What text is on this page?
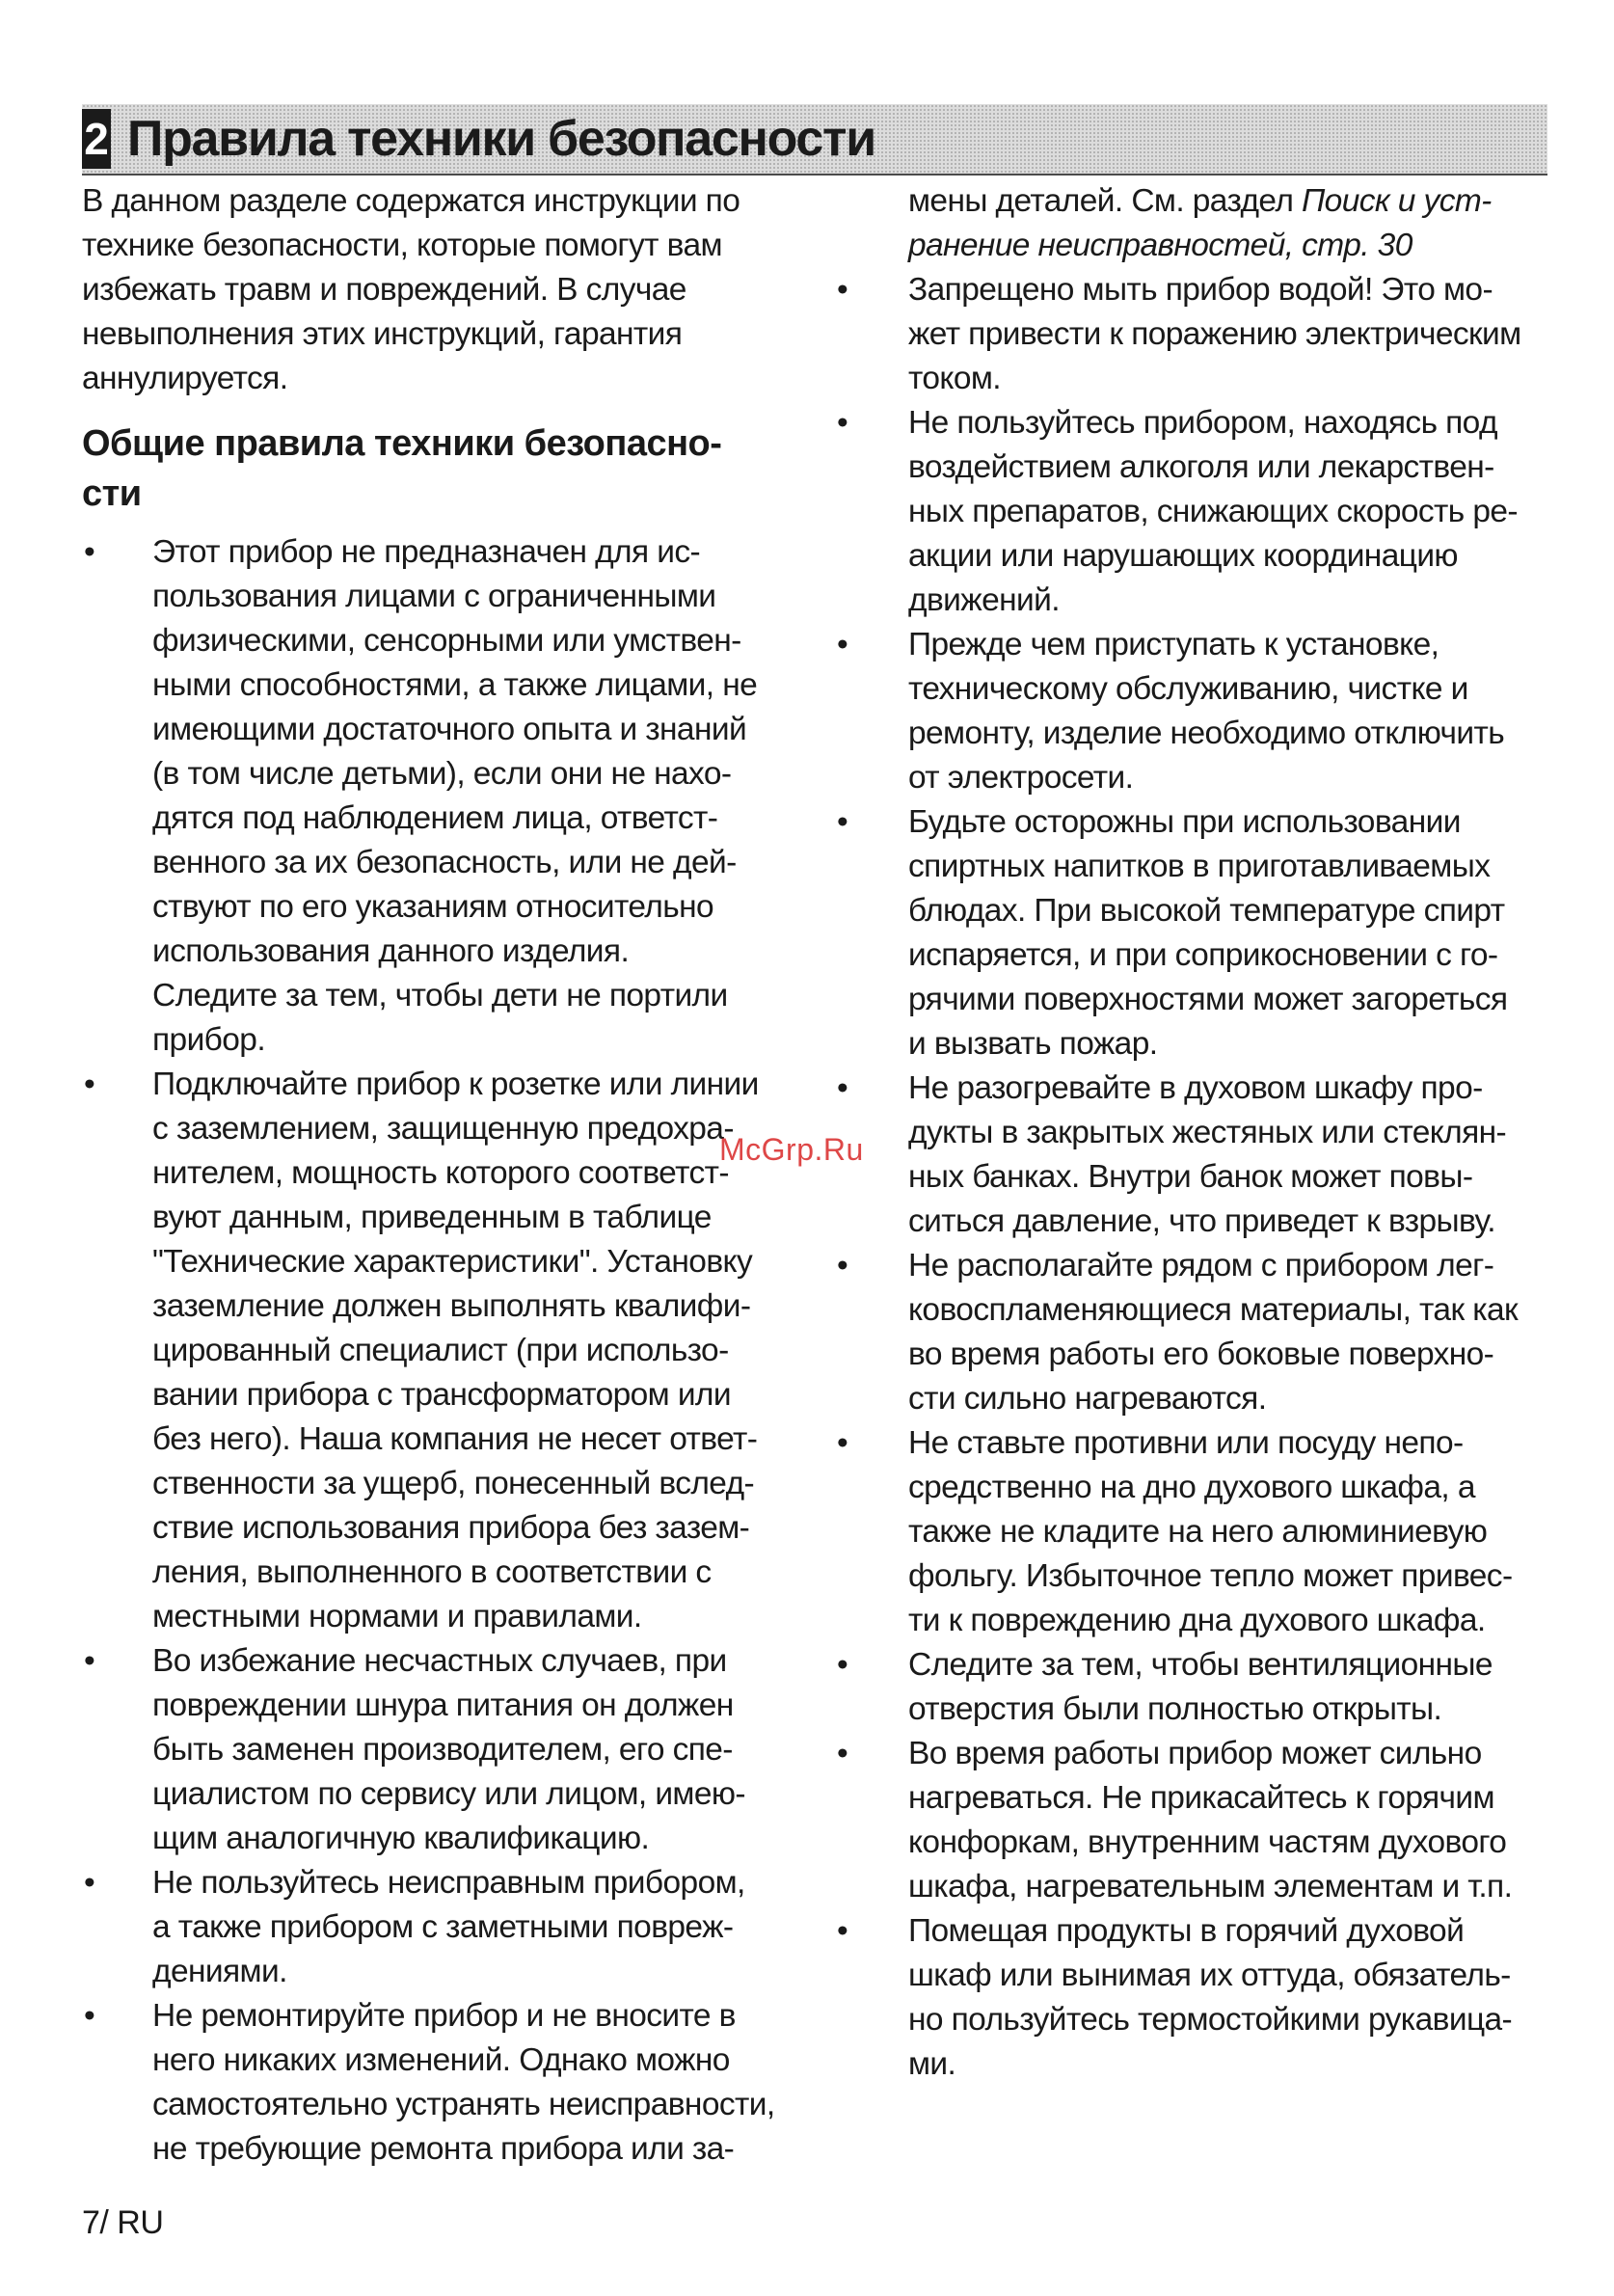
2 Правила техники безопасности
В данном разделе содержатся инструкции по
технике безопасности, которые помогут вам
избежать травм и повреждений. В случае
невыполнения этих инструкций, гарантия
аннулируется.
Общие правила техники безопасно-
сти
• Этот прибор не предназначен для ис-
пользования лицами с ограниченными
физическими, сенсорными или умствен-
ными способностями, а также лицами, не
имеющими достаточного опыта и знаний
(в том числе детьми), если они не нахо-
дятся под наблюдением лица, ответст-
венного за их безопасность, или не дей-
ствуют по его указаниям относительно
использования данного изделия.
Следите за тем, чтобы дети не портили
прибор.
• Подключайте прибор к розетке или линии
с заземлением, защищенную предохра-
нителем, мощность которого соответст-
вуют данным, приведенным в таблице
"Технические характеристики". Установку
заземление должен выполнять квалифи-
цированный специалист (при использо-
вании прибора с трансформатором или
без него). Наша компания не несет ответ-
ственности за ущерб, понесенный вслед-
ствие использования прибора без зазем-
ления, выполненного в соответствии с
местными нормами и правилами.
• Во избежание несчастных случаев, при
повреждении шнура питания он должен
быть заменен производителем, его спе-
циалистом по сервису или лицом, имею-
щим аналогичную квалификацию.
• Не пользуйтесь неисправным прибором,
а также прибором с заметными повреж-
дениями.
• Не ремонтируйте прибор и не вносите в
него никаких изменений. Однако можно
самостоятельно устранять неисправности,
не требующие ремонта прибора или за-
мены деталей. См. раздел Поиск и уст-
ранение неисправностей, стр. 30
• Запрещено мыть прибор водой! Это мо-
жет привести к поражению электрическим
током.
• Не пользуйтесь прибором, находясь под
воздействием алкоголя или лекарствен-
ных препаратов, снижающих скорость ре-
акции или нарушающих координацию
движений.
• Прежде чем приступать к установке,
техническому обслуживанию, чистке и
ремонту, изделие необходимо отключить
от электросети.
• Будьте осторожны при использовании
спиртных напитков в приготавливаемых
блюдах. При высокой температуре спирт
испаряется, и при соприкосновении с го-
рячими поверхностями может загореться
и вызвать пожар.
• Не разогревайте в духовом шкафу про-
дукты в закрытых жестяных или стеклян-
ных банках. Внутри банок может повы-
ситься давление, что приведет к взрыву.
• Не располагайте рядом с прибором лег-
ковоспламеняющиеся материалы, так как
во время работы его боковые поверхно-
сти сильно нагреваются.
• Не ставьте противни или посуду непо-
средственно на дно духового шкафа, а
также не кладите на него алюминиевую
фольгу. Избыточное тепло может привес-
ти к повреждению дна духового шкафа.
• Следите за тем, чтобы вентиляционные
отверстия были полностью открыты.
• Во время работы прибор может сильно
нагреваться. Не прикасайтесь к горячим
конфоркам, внутренним частям духового
шкафа, нагревательным элементам и т.п.
• Помещая продукты в горячий духовой
шкаф или вынимая их оттуда, обязатель-
но пользуйтесь термостойкими рукавица-
ми.
McGrp.Ru
7/ RU
